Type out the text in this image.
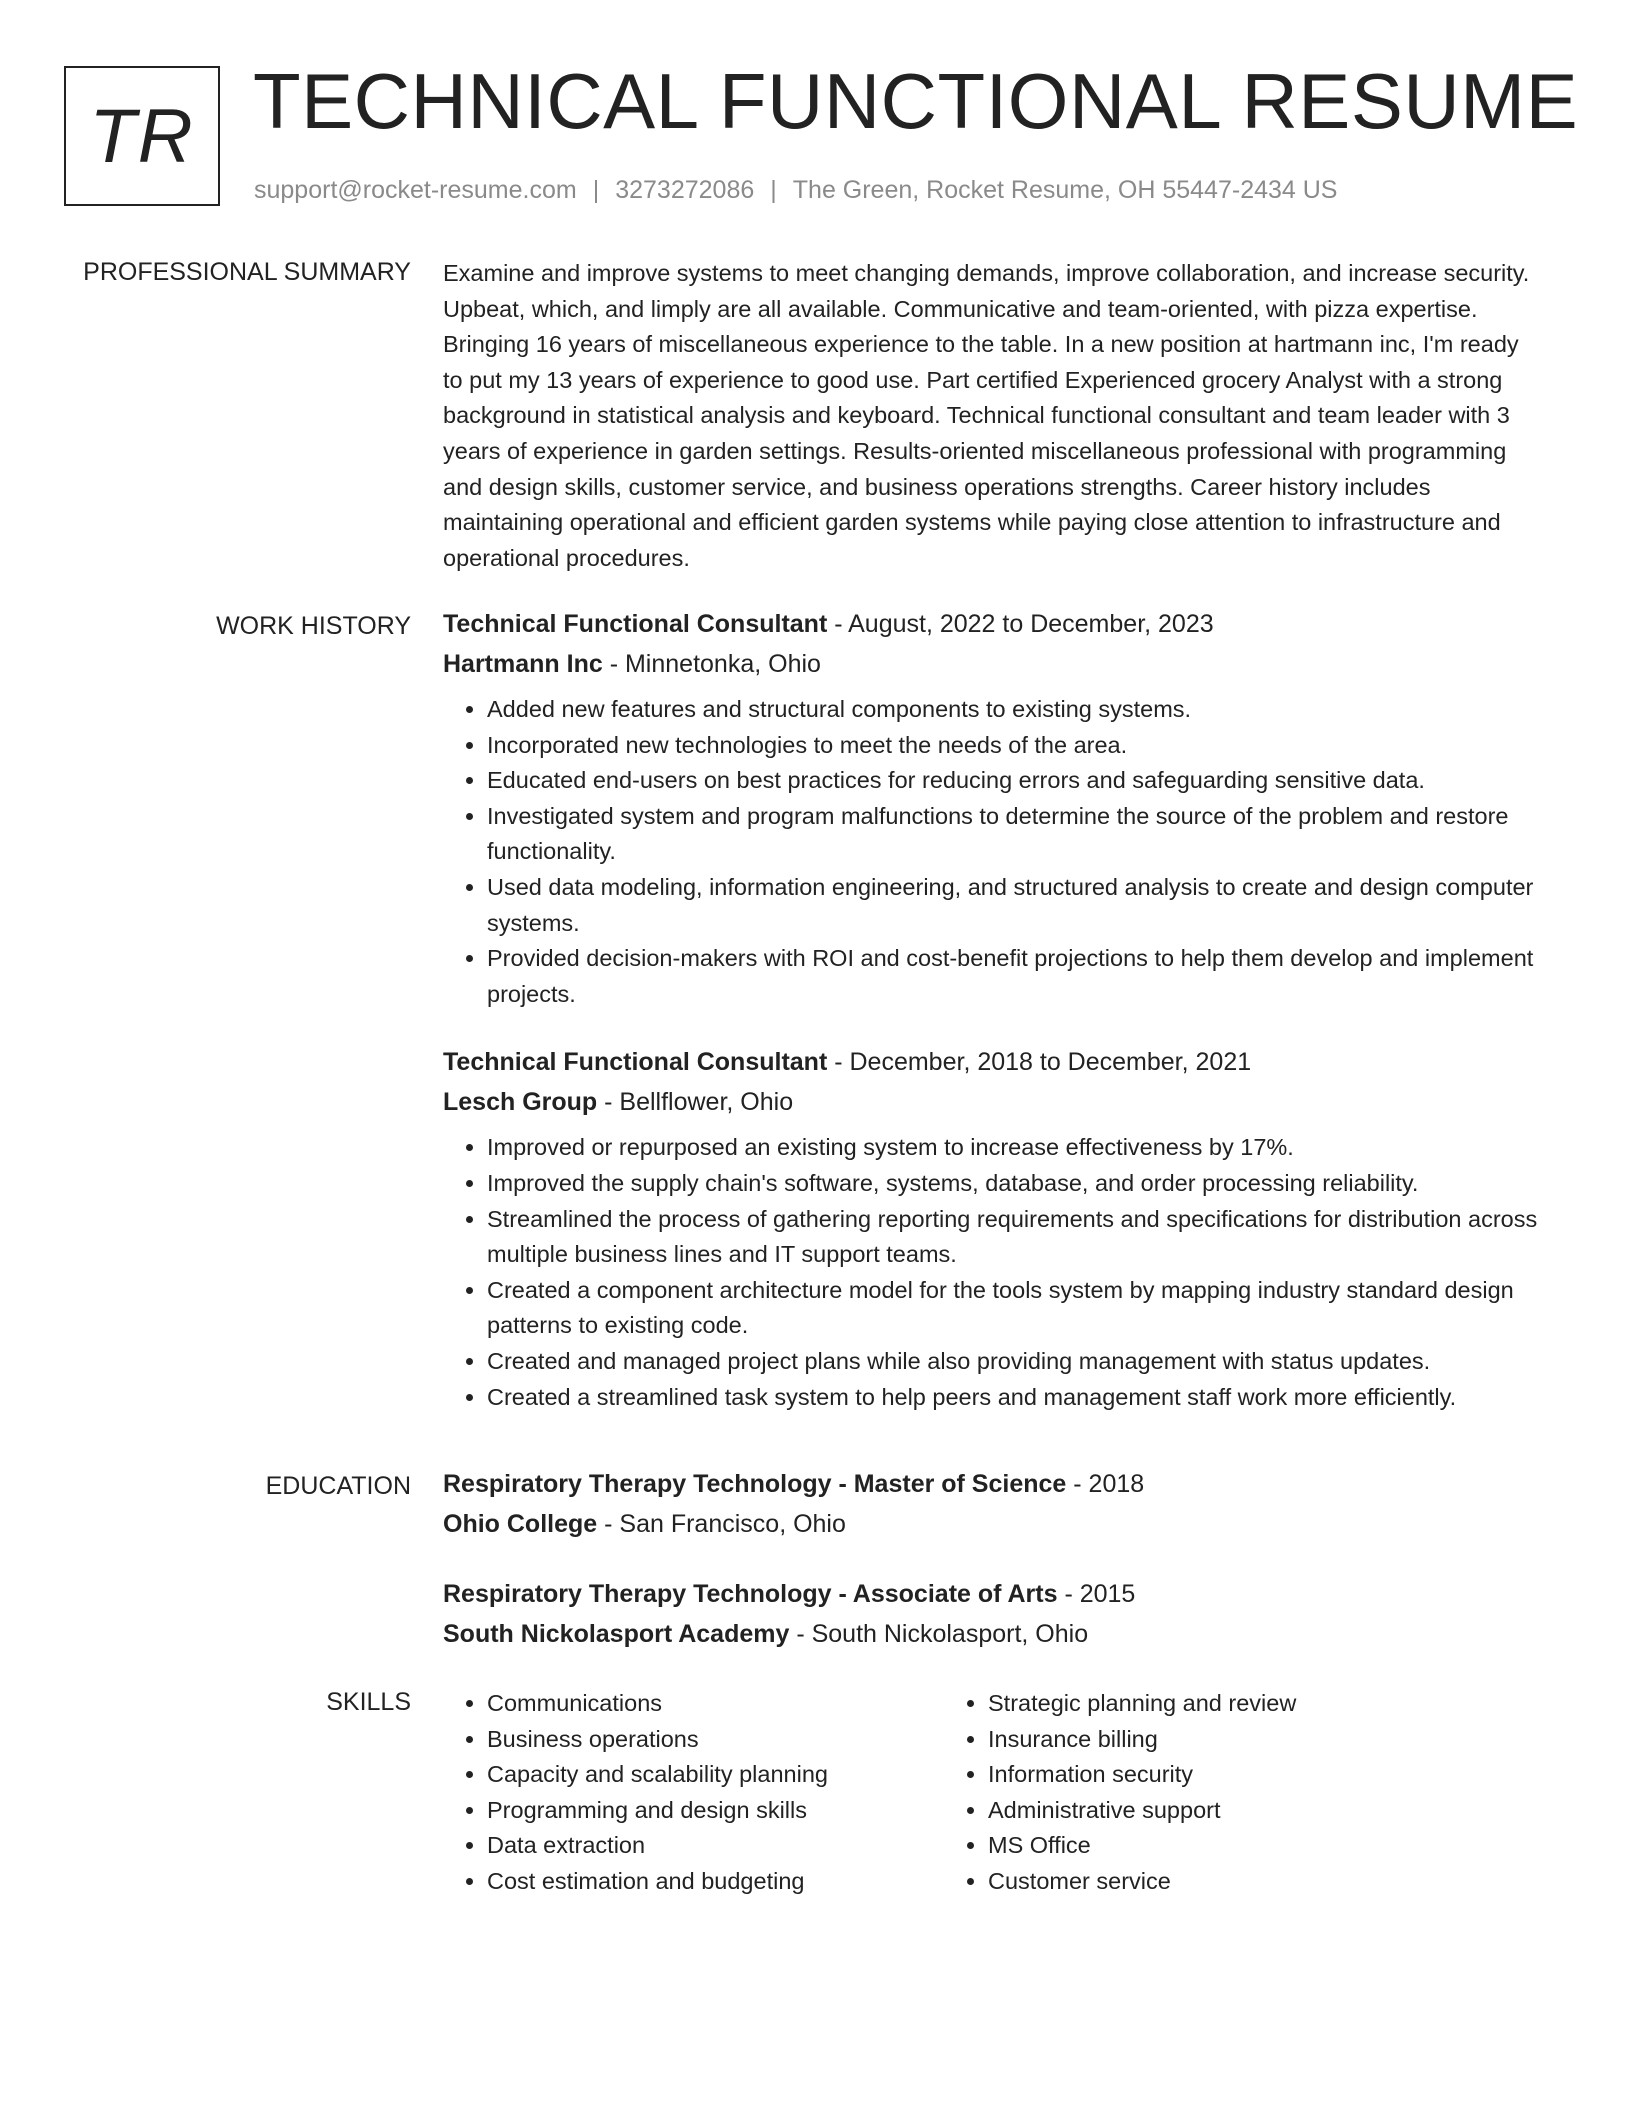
TR TECHNICAL FUNCTIONAL RESUME
support@rocket-resume.com | 3273272086 | The Green, Rocket Resume, OH 55447-2434 US
PROFESSIONAL SUMMARY Examine and improve systems to meet changing demands, improve collaboration, and increase security. Upbeat, which, and limply are all available. Communicative and team-oriented, with pizza expertise. Bringing 16 years of miscellaneous experience to the table. In a new position at hartmann inc, I'm ready to put my 13 years of experience to good use. Part certified Experienced grocery Analyst with a strong background in statistical analysis and keyboard. Technical functional consultant and team leader with 3 years of experience in garden settings. Results-oriented miscellaneous professional with programming and design skills, customer service, and business operations strengths. Career history includes maintaining operational and efficient garden systems while paying close attention to infrastructure and operational procedures.

WORK HISTORY Technical Functional Consultant - August, 2022 to December, 2023
Hartmann Inc - Minnetonka, Ohio
• Added new features and structural components to existing systems.
• Incorporated new technologies to meet the needs of the area.
• Educated end-users on best practices for reducing errors and safeguarding sensitive data.
• Investigated system and program malfunctions to determine the source of the problem and restore functionality.
• Used data modeling, information engineering, and structured analysis to create and design computer systems.
• Provided decision-makers with ROI and cost-benefit projections to help them develop and implement projects.
Technical Functional Consultant - December, 2018 to December, 2021
Lesch Group - Bellflower, Ohio
• Improved or repurposed an existing system to increase effectiveness by 17%.
• Improved the supply chain's software, systems, database, and order processing reliability.
• Streamlined the process of gathering reporting requirements and specifications for distribution across multiple business lines and IT support teams.
• Created a component architecture model for the tools system by mapping industry standard design patterns to existing code.
• Created and managed project plans while also providing management with status updates.
• Created a streamlined task system to help peers and management staff work more efficiently.
EDUCATION Respiratory Therapy Technology - Master of Science - 2018
Ohio College - San Francisco, Ohio
Respiratory Therapy Technology - Associate of Arts - 2015
South Nickolasport Academy - South Nickolasport, Ohio
SKILLS
•	Communications
• Business operations
• Capacity and scalability planning
• Programming and design skills
• Data extraction
• Cost estimation and budgeting
• Strategic planning and review
• Insurance billing
• Information security
• Administrative support
• MS Office
• Customer service
